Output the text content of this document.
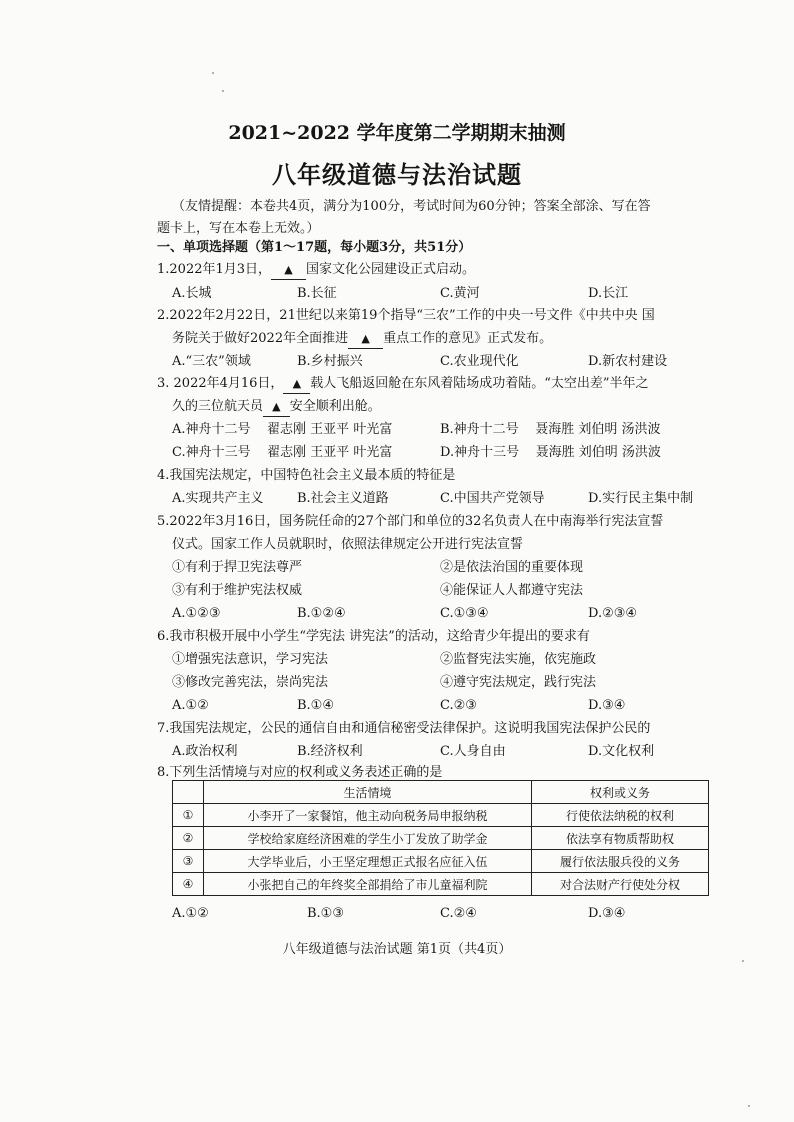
2021~2022 学年度第二学期期末抽测
八年级道德与法治试题
（友情提醒：本卷共4页，满分为100分，考试时间为60分钟；答案全部涂、写在答
题卡上，写在本卷上无效。）
一、单项选择题（第1～17题，每小题3分，共51分）
1.2022年1月3日， ▲ 国家文化公园建设正式启动。
A.长城	B.长征	C.黄河	D.长江
2.2022年2月22日，21世纪以来第19个指导“三农”工作的中央一号文件《中共中央 国
务院关于做好2022年全面推进 ▲ 重点工作的意见》正式发布。
A.“三农”领域	B.乡村振兴	C.农业现代化	D.新农村建设
3. 2022年4月16日， ▲ 载人飞船返回舱在东风着陆场成功着陆。“太空出差”半年之
久的三位航天员 ▲ 安全顺利出舱。
A.神舟十二号    翟志刚 王亚平 叶光富	B.神舟十二号    聂海胜 刘伯明 汤洪波
C.神舟十三号    翟志刚 王亚平 叶光富	D.神舟十三号    聂海胜 刘伯明 汤洪波
4.我国宪法规定，中国特色社会主义最本质的特征是
A.实现共产主义	B.社会主义道路	C.中国共产党领导	D.实行民主集中制
5.2022年3月16日，国务院任命的27个部门和单位的32名负责人在中南海举行宪法宣誓
仪式。国家工作人员就职时，依照法律规定公开进行宪法宣誓
①有利于捍卫宪法尊严	②是依法治国的重要体现
③有利于维护宪法权威	④能保证人人都遵守宪法
A.①②③	B.①②④	C.①③④	D.②③④
6.我市积极开展中小学生“学宪法 讲宪法”的活动，这给青少年提出的要求有
①增强宪法意识，学习宪法	②监督宪法实施，依宪施政
③修改完善宪法，崇尚宪法	④遵守宪法规定，践行宪法
A.①②	B.①④	C.②③	D.③④
7.我国宪法规定，公民的通信自由和通信秘密受法律保护。这说明我国宪法保护公民的
A.政治权利	B.经济权利	C.人身自由	D.文化权利
8.下列生活情境与对应的权利或义务表述正确的是
	生活情境	权利或义务
①	小李开了一家餐馆，他主动向税务局申报纳税	行使依法纳税的权利
②	学校给家庭经济困难的学生小丁发放了助学金	依法享有物质帮助权
③	大学毕业后，小王坚定理想正式报名应征入伍	履行依法服兵役的义务
④	小张把自己的年终奖全部捐给了市儿童福利院	对合法财产行使处分权
A.①②	B.①③	C.②④	D.③④
八年级道德与法治试题 第1页（共4页）
